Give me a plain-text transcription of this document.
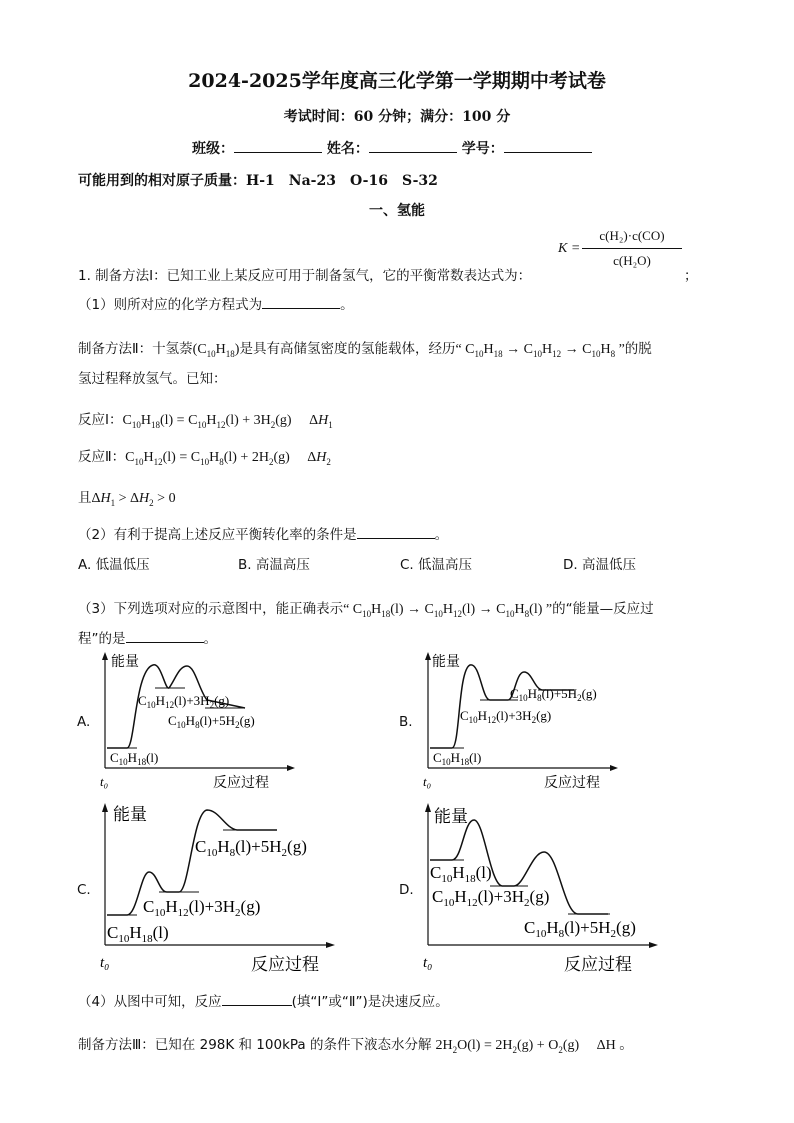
2024-2025学年度高三化学第一学期期中考试卷
考试时间：60 分钟；满分：100 分
班级：	姓名：	学号：
可能用到的相对原子质量：H-1　Na-23　O-16　S-32
一、氢能
1. 制备方法Ⅰ：已知工业上某反应可用于制备氢气，它的平衡常数表达式为：
K =
c(H₂)·c(CO)
c(H₂O)
；
（1）则所对应的化学方程式为	。
制备方法Ⅱ：十氢萘$(C_{10}H_{18})$是具有高储氢密度的氢能载体，经历“ $C_{10}H_{18} \to C_{10}H_{12} \to C_{10}H_8$ ”的脱
氢过程释放氢气。已知：
反应Ⅰ：$C_{10}H_{18}(l) = C_{10}H_{12}(l) + 3H_2(g)$　 $\Delta H_1$
反应Ⅱ：$C_{10}H_{12}(l) = C_{10}H_8(l) + 2H_2(g)$　 $\Delta H_2$
且$\Delta H_1 > \Delta H_2 > 0$
（2）有利于提高上述反应平衡转化率的条件是	。
A. 低温低压	B. 高温高压	C. 低温高压	D. 高温低压
（3）下列选项对应的示意图中，能正确表示“ $C_{10}H_{18}(l) \to C_{10}H_{12}(l) \to C_{10}H_8(l)$ ”的“能量—反应过
程”的是	。
A.	B.
C.	D.
$C_{10}H_{18}(l)$
$C_{10}H_{12}(l)+3H_2(g)$
$C_{10}H_8(l)+5H_2(g)$
能量
t₀	反应过程
$C_{10}H_{18}(l)$
$C_{10}H_{12}(l)+3H_2(g)$
$C_{10}H_8(l)+5H_2(g)$
能量
t₀	反应过程
$C_{10}H_{18}(l)$
$C_{10}H_{12}(l)+3H_2(g)$
$C_{10}H_8(l)+5H_2(g)$
能量
t₀	反应过程
$C_{10}H_{18}(l)$
$C_{10}H_{12}(l)+3H_2(g)$
$C_{10}H_8(l)+5H_2(g)$
能量
t₀	反应过程
（4）从图中可知，反应	(填“Ⅰ”或“Ⅱ”)是决速反应。
制备方法Ⅲ：已知在 298K 和 100kPa 的条件下液态水分解 $2H_2O(l) = 2H_2(g) + O_2(g)$　 ΔH 。
